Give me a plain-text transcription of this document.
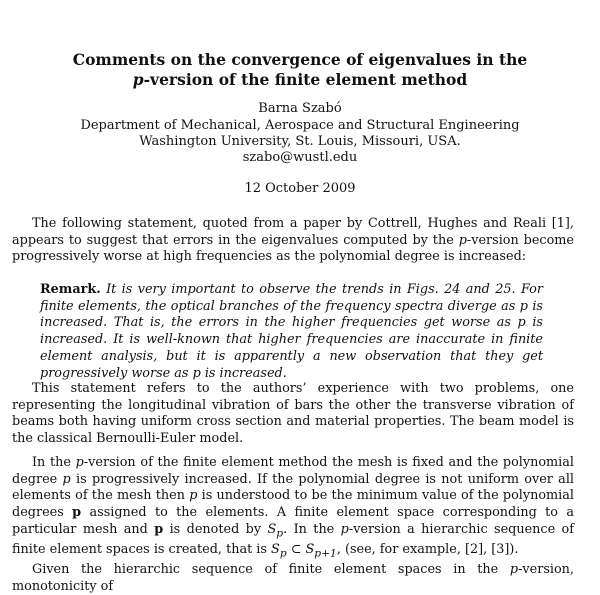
Comments on the convergence of eigenvalues in the
p-version of the finite element method
Barna Szabó
Department of Mechanical, Aerospace and Structural Engineering
Washington University, St. Louis, Missouri, USA.
szabo@wustl.edu
12 October 2009
The following statement, quoted from a paper by Cottrell, Hughes and Reali [1], appears to suggest that errors in the eigenvalues computed by the p-version become progressively worse at high frequencies as the polynomial degree is increased:
Remark. It is very important to observe the trends in Figs. 24 and 25. For finite elements, the optical branches of the frequency spectra diverge as p is increased. That is, the errors in the higher frequencies get worse as p is increased. It is well-known that higher frequencies are inaccurate in finite element analysis, but it is apparently a new observation that they get progressively worse as p is increased.
This statement refers to the authors’ experience with two problems, one representing the longitudinal vibration of bars the other the transverse vibration of beams both having uniform cross section and material properties. The beam model is the classical Bernoulli-Euler model.
In the p-version of the finite element method the mesh is fixed and the polynomial degree p is progressively increased. If the polynomial degree is not uniform over all elements of the mesh then p is understood to be the minimum value of the polynomial degrees p assigned to the elements. A finite element space corresponding to a particular mesh and p is denoted by $S_p$. In the p-version a hierarchic sequence of finite element spaces is created, that is $S_p$ ⊂ $S_{p+1}$, (see, for example, [2], [3]).
Given the hierarchic sequence of finite element spaces in the p-version, monotonicity of
